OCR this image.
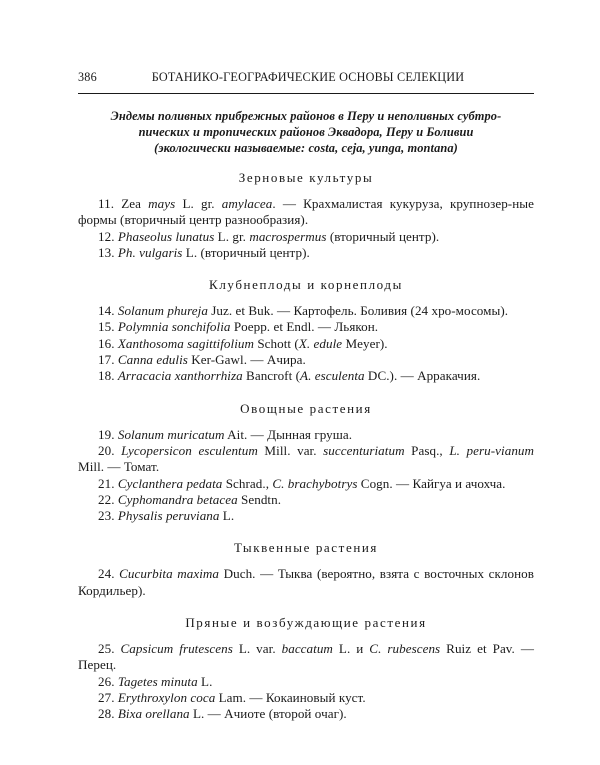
386	БОТАНИКО-ГЕОГРАФИЧЕСКИЕ ОСНОВЫ СЕЛЕКЦИИ
Эндемы поливных прибрежных районов в Перу и неполивных субтро-
пических и тропических районов Эквадора, Перу и Боливии
(экологически называемые: costa, ceja, yunga, montana)
Зерновые культуры
11. Zea mays L. gr. amylacea. — Крахмалистая кукуруза, крупнозер-ные формы (вторичный центр разнообразия).
12. Phaseolus lunatus L. gr. macrospermus (вторичный центр).
13. Ph. vulgaris L. (вторичный центр).
Клубнеплоды и корнеплоды
14. Solanum phureja Juz. et Buk. — Картофель. Боливия (24 хро-мосомы).
15. Polymnia sonchifolia Poepp. et Endl. — Льякон.
16. Xanthosoma sagittifolium Schott (X. edule Meyer).
17. Canna edulis Ker-Gawl. — Ачира.
18. Arracacia xanthorrhiza Bancroft (A. esculenta DC.). — Арракачия.
Овощные растения
19. Solanum muricatum Ait. — Дынная груша.
20. Lycopersicon esculentum Mill. var. succenturiatum Pasq., L. peru-vianum Mill. — Томат.
21. Cyclanthera pedata Schrad., C. brachybotrys Cogn. — Кайгуа и ачохча.
22. Cyphomandra betacea Sendtn.
23. Physalis peruviana L.
Тыквенные растения
24. Cucurbita maxima Duch. — Тыква (вероятно, взята с восточных склонов Кордильер).
Пряные и возбуждающие растения
25. Capsicum frutescens L. var. baccatum L. и C. rubescens Ruiz et Pav. — Перец.
26. Tagetes minuta L.
27. Erythroxylon coca Lam. — Кокаиновый куст.
28. Bixa orellana L. — Ачиоте (второй очаг).
